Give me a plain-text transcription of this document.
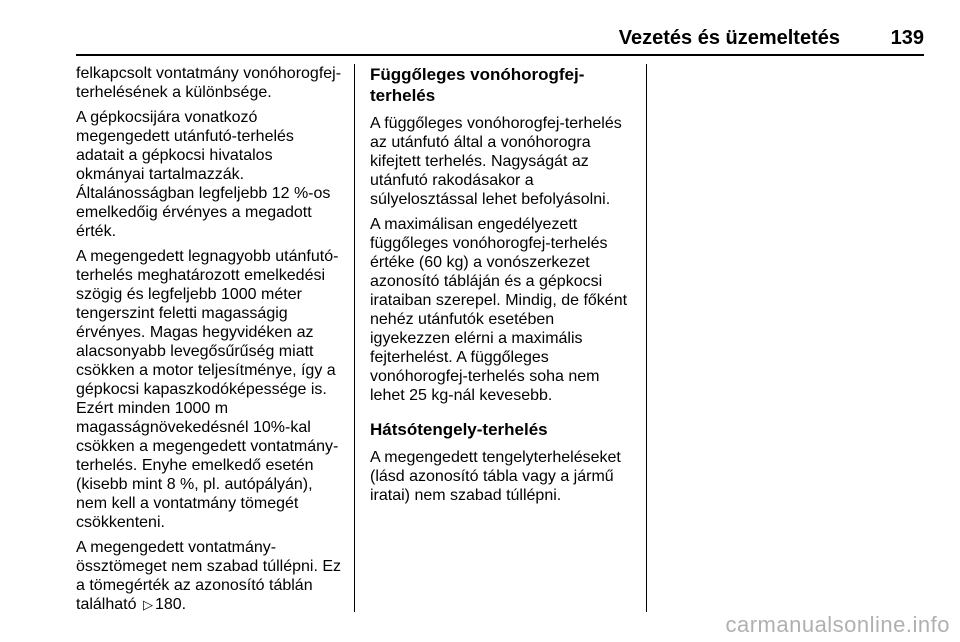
Vezetés és üzemeltetés	139

felkapcsolt vontatmány vonóhorogfej-terhelésének a különbsége.

A gépkocsijára vonatkozó megengedett utánfutó-terhelés adatait a gépkocsi hivatalos okmányai tartalmazzák. Általánosságban legfeljebb 12 %-os emelkedőig érvényes a megadott érték.

A megengedett legnagyobb utánfutó-terhelés meghatározott emelkedési szögig és legfeljebb 1000 méter tengerszint feletti magasságig érvényes. Magas hegyvidéken az alacsonyabb levegősűrűség miatt csökken a motor teljesítménye, így a gépkocsi kapaszkodóképessége is. Ezért minden 1000 m magasságnövekedésnél 10%-kal csökken a megengedett vontatmány-terhelés. Enyhe emelkedő esetén (kisebb mint 8 %, pl. autópályán), nem kell a vontatmány tömegét csökkenteni.

A megengedett vontatmány-össztömeget nem szabad túllépni. Ez a tömegérték az azonosító táblán található ▷ 180.

Függőleges vonóhorogfej-terhelés

A függőleges vonóhorogfej-terhelés az utánfutó által a vonóhorogra kifejtett terhelés. Nagyságát az utánfutó rakodásakor a súlyelosztással lehet befolyásolni.

A maximálisan engedélyezett függőleges vonóhorogfej-terhelés értéke (60 kg) a vonószerkezet azonosító tábláján és a gépkocsi irataiban szerepel. Mindig, de főként nehéz utánfutók esetében igyekezzen elérni a maximális fejterhelést. A függőleges vonóhorogfej-terhelés soha nem lehet 25 kg-nál kevesebb.

Hátsótengely-terhelés

A megengedett tengelyterheléseket (lásd azonosító tábla vagy a jármű iratai) nem szabad túllépni.

carmanualsonline.info
